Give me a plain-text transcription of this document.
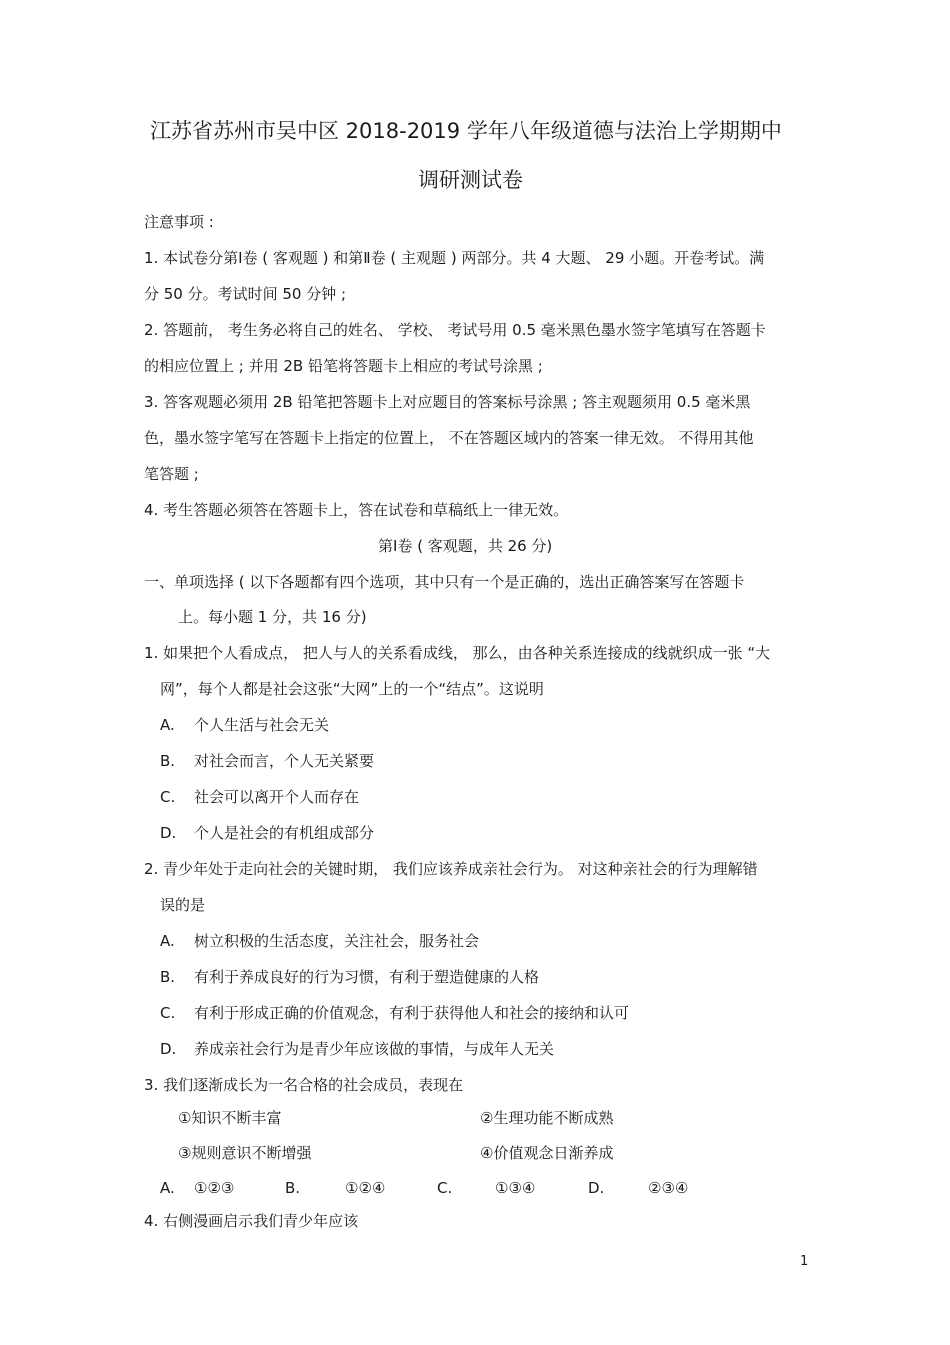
江苏省苏州市吴中区 2018-2019 学年八年级道德与法治上学期期中
调研测试卷
注意事项 :
1. 本试卷分第Ⅰ卷 ( 客观题 ) 和第Ⅱ卷 ( 主观题 ) 两部分。共 4 大题、 29 小题。开卷考试。满
分 50 分。考试时间 50 分钟 ;
2. 答题前， 考生务必将自己的姓名、 学校、 考试号用 0.5 毫米黑色墨水签字笔填写在答题卡
的相应位置上 ; 并用 2B 铅笔将答题卡上相应的考试号涂黑 ;
3. 答客观题必须用 2B 铅笔把答题卡上对应题目的答案标号涂黑 ; 答主观题须用 0.5 毫米黑
色，墨水签字笔写在答题卡上指定的位置上， 不在答题区域内的答案一律无效。 不得用其他
笔答题 ;
4. 考生答题必须答在答题卡上，答在试卷和草稿纸上一律无效。
第Ⅰ卷 ( 客观题，共 26 分)
一、单项选择 ( 以下各题都有四个选项，其中只有一个是正确的，选出正确答案写在答题卡
上。每小题 1 分，共 16 分)
1. 如果把个人看成点， 把人与人的关系看成线， 那么，由各种关系连接成的线就织成一张 “大
网”，每个人都是社会这张“大网”上的一个“结点”。这说明
A. 个人生活与社会无关
B. 对社会而言，个人无关紧要
C. 社会可以离开个人而存在
D. 个人是社会的有机组成部分
2. 青少年处于走向社会的关键时期， 我们应该养成亲社会行为。 对这种亲社会的行为理解错
误的是
A. 树立积极的生活态度，关注社会，服务社会
B. 有利于养成良好的行为习惯，有利于塑造健康的人格
C. 有利于形成正确的价值观念，有利于获得他人和社会的接纳和认可
D. 养成亲社会行为是青少年应该做的事情，与成年人无关
3. 我们逐渐成长为一名合格的社会成员，表现在
①知识不断丰富	②生理功能不断成熟
③规则意识不断增强	④价值观念日渐养成
A. ①②③	B.	①②④	C.	①③④	D.	②③④
4. 右侧漫画启示我们青少年应该
1
